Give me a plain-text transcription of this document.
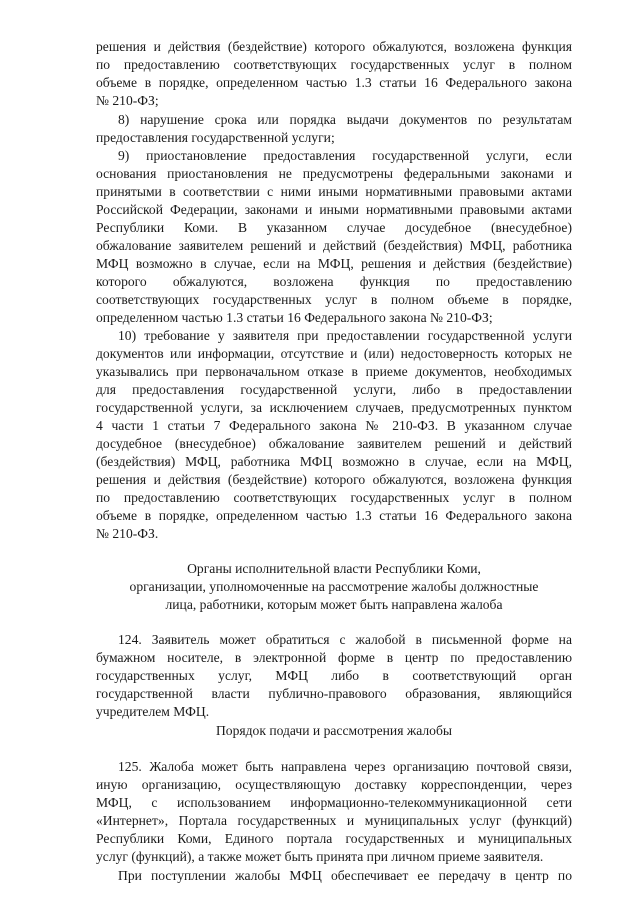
решения и действия (бездействие) которого обжалуются, возложена функция
по предоставлению соответствующих государственных услуг в полном
объеме в порядке, определенном частью 1.3 статьи 16 Федерального закона
№ 210-ФЗ;
8) нарушение срока или порядка выдачи документов по результатам
предоставления государственной услуги;
9) приостановление предоставления государственной услуги, если
основания приостановления не предусмотрены федеральными законами и
принятыми в соответствии с ними иными нормативными правовыми актами
Российской Федерации, законами и иными нормативными правовыми актами
Республики Коми. В указанном случае досудебное (внесудебное)
обжалование заявителем решений и действий (бездействия) МФЦ, работника
МФЦ возможно в случае, если на МФЦ, решения и действия (бездействие)
которого обжалуются, возложена функция по предоставлению
соответствующих государственных услуг в полном объеме в порядке,
определенном частью 1.3 статьи 16 Федерального закона № 210-ФЗ;
10) требование у заявителя при предоставлении государственной услуги
документов или информации, отсутствие и (или) недостоверность которых не
указывались при первоначальном отказе в приеме документов, необходимых
для предоставления государственной услуги, либо в предоставлении
государственной услуги, за исключением случаев, предусмотренных пунктом
4 части 1 статьи 7 Федерального закона № 210-ФЗ. В указанном случае
досудебное (внесудебное) обжалование заявителем решений и действий
(бездействия) МФЦ, работника МФЦ возможно в случае, если на МФЦ,
решения и действия (бездействие) которого обжалуются, возложена функция
по предоставлению соответствующих государственных услуг в полном
объеме в порядке, определенном частью 1.3 статьи 16 Федерального закона
№ 210-ФЗ.
Органы исполнительной власти Республики Коми,
организации, уполномоченные на рассмотрение жалобы должностные
лица, работники, которым может быть направлена жалоба
124. Заявитель может обратиться с жалобой в письменной форме на
бумажном носителе, в электронной форме в центр по предоставлению
государственных услуг, МФЦ либо в соответствующий орган
государственной власти публично-правового образования, являющийся
учредителем МФЦ.
Порядок подачи и рассмотрения жалобы
125. Жалоба может быть направлена через организацию почтовой связи,
иную организацию, осуществляющую доставку корреспонденции, через
МФЦ, с использованием информационно-телекоммуникационной сети
«Интернет», Портала государственных и муниципальных услуг (функций)
Республики Коми, Единого портала государственных и муниципальных
услуг (функций), а также может быть принята при личном приеме заявителя.
При поступлении жалобы МФЦ обеспечивает ее передачу в центр по
